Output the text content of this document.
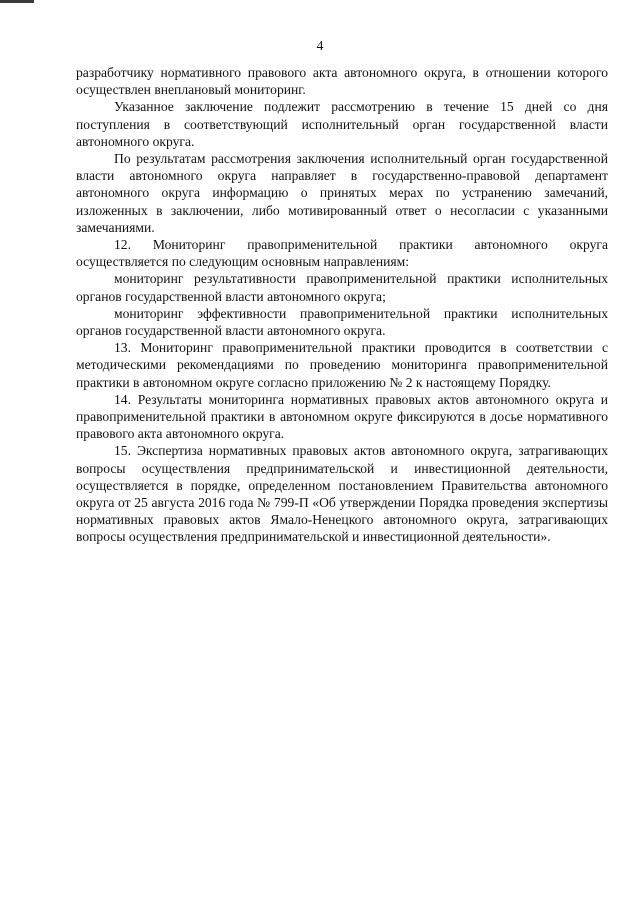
4

разработчику нормативного правового акта автономного округа, в отношении которого осуществлен внеплановый мониторинг.

Указанное заключение подлежит рассмотрению в течение 15 дней со дня поступления в соответствующий исполнительный орган государственной власти автономного округа.

По результатам рассмотрения заключения исполнительный орган государственной власти автономного округа направляет в государственно-правовой департамент автономного округа информацию о принятых мерах по устранению замечаний, изложенных в заключении, либо мотивированный ответ о несогласии с указанными замечаниями.

12. Мониторинг правоприменительной практики автономного округа осуществляется по следующим основным направлениям:

мониторинг результативности правоприменительной практики исполнительных органов государственной власти автономного округа;

мониторинг эффективности правоприменительной практики исполнительных органов государственной власти автономного округа.

13. Мониторинг правоприменительной практики проводится в соответствии с методическими рекомендациями по проведению мониторинга правоприменительной практики в автономном округе согласно приложению № 2 к настоящему Порядку.

14. Результаты мониторинга нормативных правовых актов автономного округа и правоприменительной практики в автономном округе фиксируются в досье нормативного правового акта автономного округа.

15. Экспертиза нормативных правовых актов автономного округа, затрагивающих вопросы осуществления предпринимательской и инвестиционной деятельности, осуществляется в порядке, определенном постановлением Правительства автономного округа от 25 августа 2016 года № 799-П «Об утверждении Порядка проведения экспертизы нормативных правовых актов Ямало-Ненецкого автономного округа, затрагивающих вопросы осуществления предпринимательской и инвестиционной деятельности».
